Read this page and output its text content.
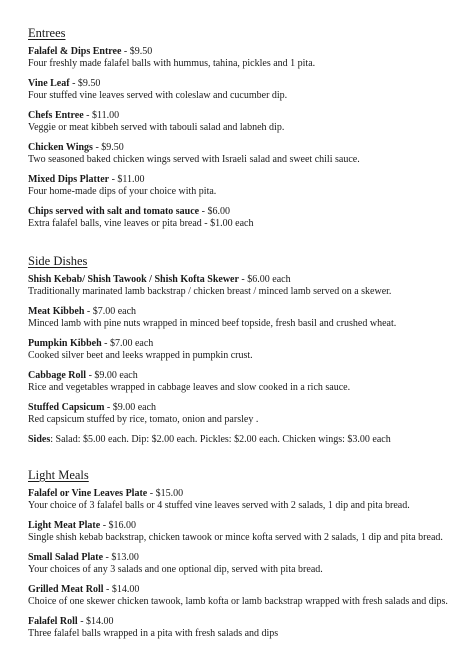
Entrees
Falafel & Dips Entree - $9.50
Four freshly made falafel balls with hummus, tahina, pickles and 1 pita.
Vine Leaf - $9.50
Four stuffed vine leaves served with coleslaw and cucumber dip.
Chefs Entree - $11.00
Veggie or meat kibbeh served with tabouli salad and labneh dip.
Chicken Wings - $9.50
Two seasoned baked chicken wings served with Israeli salad and sweet chili sauce.
Mixed Dips Platter - $11.00
Four home-made dips of your choice with pita.
Chips served with salt and tomato sauce - $6.00
Extra falafel balls, vine leaves or pita bread - $1.00 each
Side Dishes
Shish Kebab/ Shish Tawook / Shish Kofta Skewer - $6.00 each
Traditionally marinated lamb backstrap / chicken breast / minced lamb served on a skewer.
Meat Kibbeh - $7.00 each
Minced lamb with pine nuts wrapped in minced beef topside, fresh basil and crushed wheat.
Pumpkin Kibbeh - $7.00 each
Cooked silver beet and leeks wrapped in pumpkin crust.
Cabbage Roll - $9.00 each
Rice and vegetables wrapped in cabbage leaves and slow cooked in a rich sauce.
Stuffed Capsicum - $9.00 each
Red capsicum stuffed by rice, tomato, onion and parsley .
Sides: Salad: $5.00 each. Dip: $2.00 each. Pickles: $2.00 each. Chicken wings: $3.00 each
Light Meals
Falafel or Vine Leaves Plate - $15.00
Your choice of 3 falafel balls or 4 stuffed vine leaves served with 2 salads, 1 dip and pita bread.
Light Meat Plate - $16.00
Single shish kebab backstrap, chicken tawook or mince kofta served with 2 salads, 1 dip and pita bread.
Small Salad Plate - $13.00
Your choices of any 3 salads and one optional dip, served with pita bread.
Grilled Meat Roll - $14.00
Choice of one skewer chicken tawook, lamb kofta or lamb backstrap wrapped with fresh salads and dips.
Falafel Roll - $14.00
Three falafel balls wrapped in a pita with fresh salads and dips
